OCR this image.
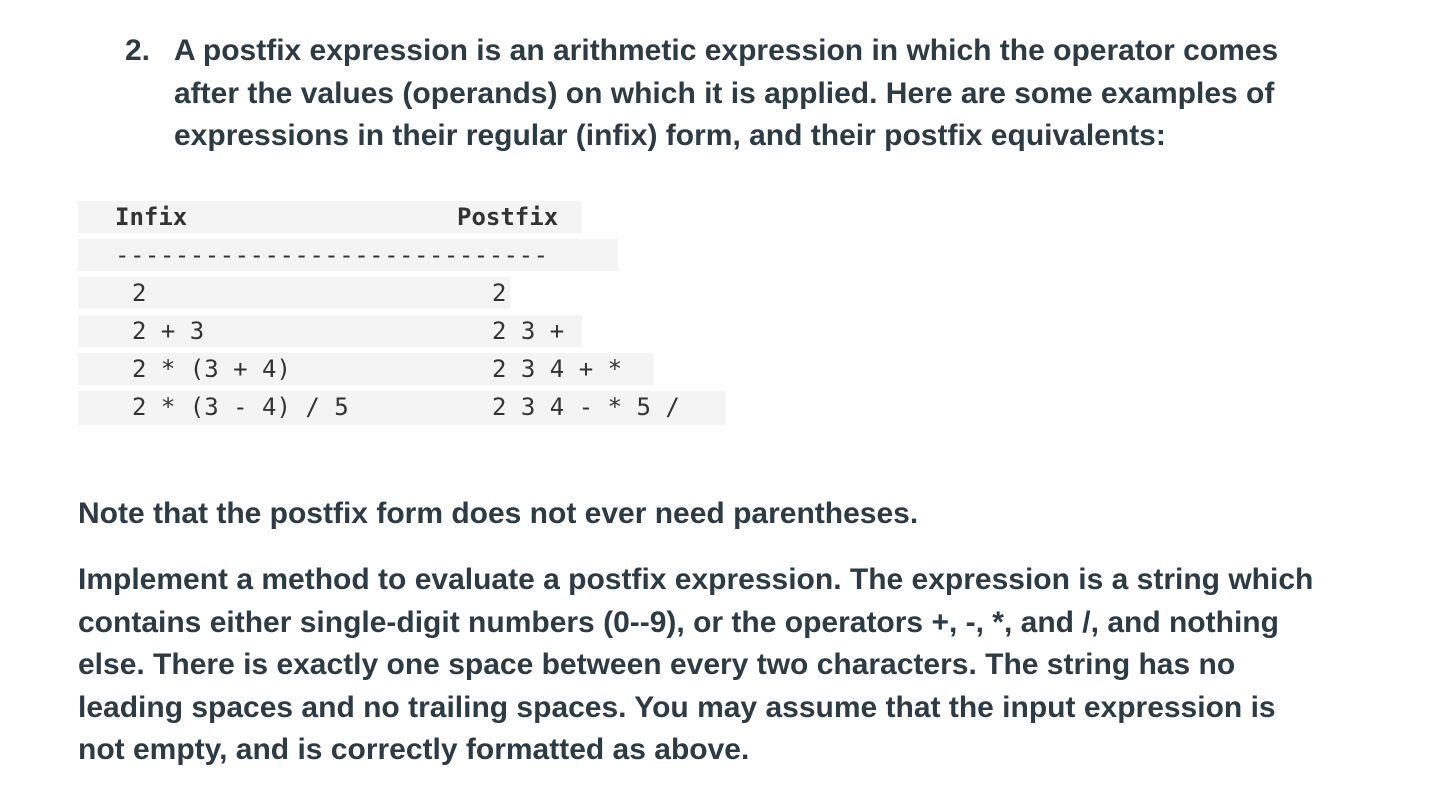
2. A postfix expression is an arithmetic expression in which the operator comes after the values (operands) on which it is applied. Here are some examples of expressions in their regular (infix) form, and their postfix equivalents:

Infix

	Postfix

-----------------------------

2

	2

2 + 3

	2 3 +

2 * (3 + 4)

	2 3 4 + *

2 * (3 - 4) / 5

	2 3 4 - * 5 /

Note that the postfix form does not ever need parentheses.
Implement a method to evaluate a postfix expression. The expression is a string which contains either single-digit numbers (0--9), or the operators +, -, *, and /, and nothing else. There is exactly one space between every two characters. The string has no leading spaces and no trailing spaces. You may assume that the input expression is not empty, and is correctly formatted as above.
